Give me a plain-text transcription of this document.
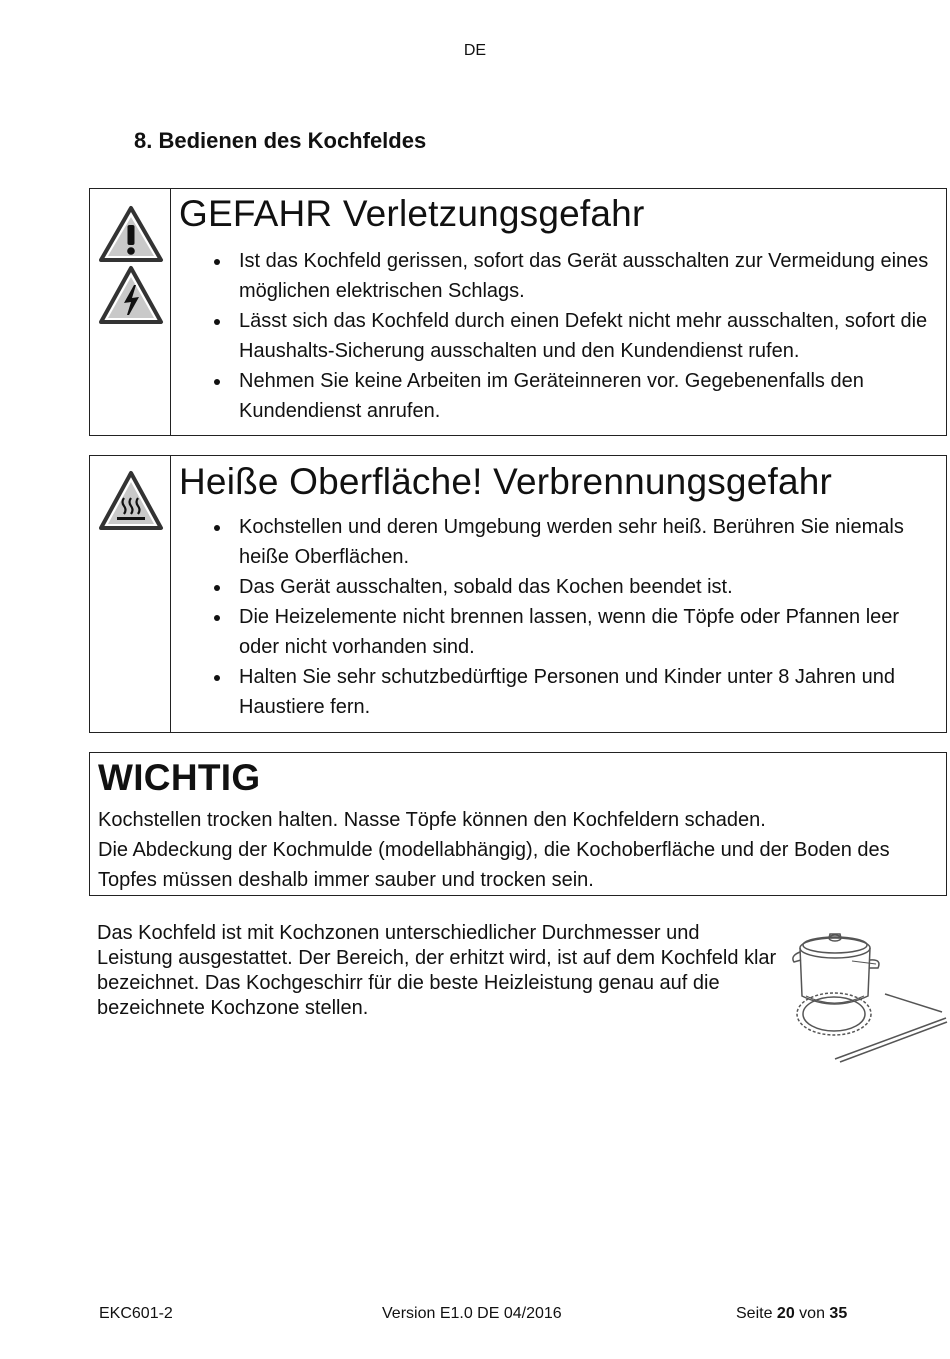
DE
8. Bedienen des Kochfeldes
GEFAHR Verletzungsgefahr
Ist das Kochfeld gerissen, sofort das Gerät ausschalten zur Vermeidung eines möglichen elektrischen Schlags.
Lässt sich das Kochfeld durch einen Defekt nicht mehr ausschalten, sofort die Haushalts-Sicherung ausschalten und den Kundendienst rufen.
Nehmen Sie keine Arbeiten im Geräteinneren vor. Gegebenenfalls den Kundendienst anrufen.
Heiße Oberfläche! Verbrennungsgefahr
Kochstellen und deren Umgebung werden sehr heiß. Berühren Sie niemals heiße Oberflächen.
Das Gerät ausschalten, sobald das Kochen beendet ist.
Die Heizelemente nicht brennen lassen, wenn die Töpfe oder Pfannen leer oder nicht vorhanden sind.
Halten Sie sehr schutzbedürftige Personen und Kinder unter 8 Jahren und Haustiere fern.
WICHTIG

Kochstellen trocken halten. Nasse Töpfe können den Kochfeldern schaden.

Die Abdeckung der Kochmulde (modellabhängig), die Kochoberfläche und der Boden des Topfes müssen deshalb immer sauber und trocken sein.

Das Kochfeld ist mit Kochzonen unterschiedlicher Durchmesser und Leistung ausgestattet. Der Bereich, der erhitzt wird, ist auf dem Kochfeld klar bezeichnet. Das Kochgeschirr für die beste Heizleistung genau auf die bezeichnete Kochzone stellen.

EKC601-2	Version E1.0 DE 04/2016	Seite 20 von 35
